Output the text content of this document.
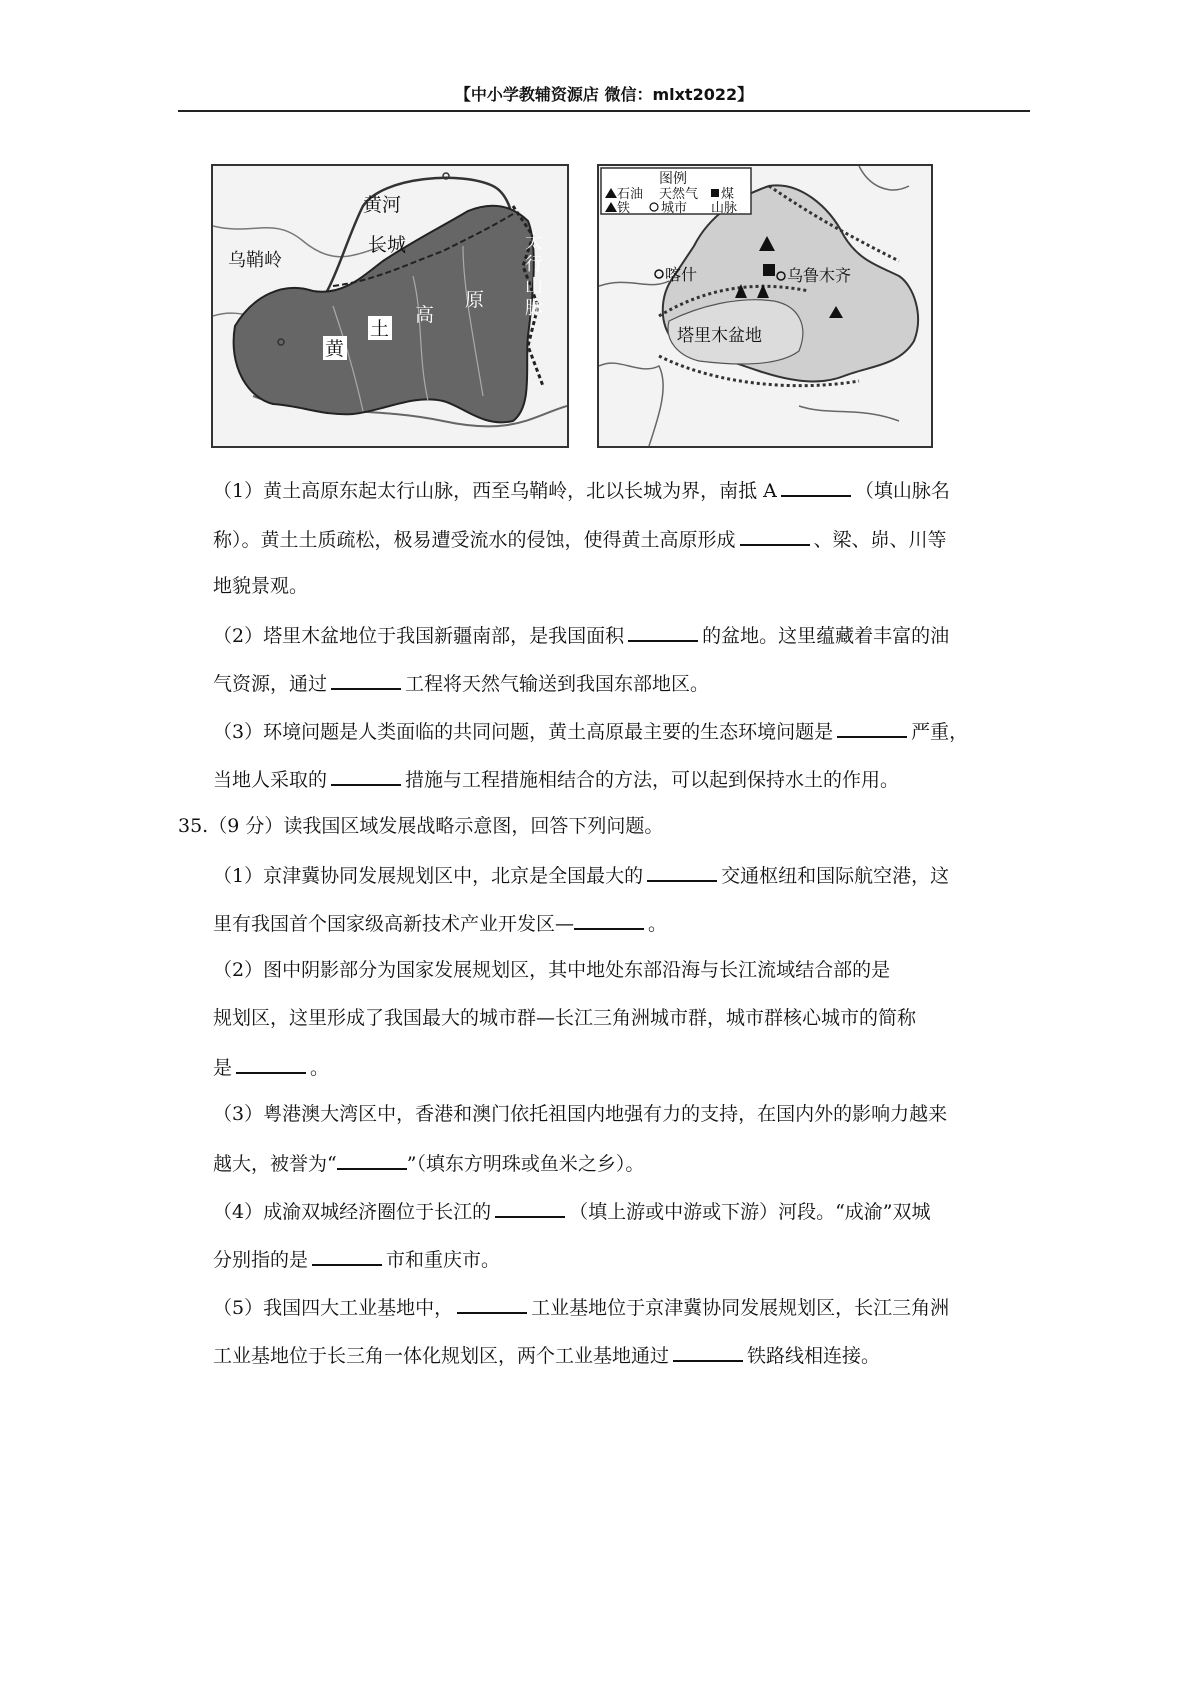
【中小学教辅资源店 微信：mlxt2022】
黄河
长城
乌鞘岭
太
行
山
脉
黄
土
高
原
图例
石油 天然气 煤
铁 城市 山脉
乌鲁木齐
喀什
塔里木盆地
（1）黄土高原东起太行山脉，西至乌鞘岭，北以长城为界，南抵 A	（填山脉名
称）。黄土土质疏松，极易遭受流水的侵蚀，使得黄土高原形成	、梁、峁、川等
地貌景观。
（2）塔里木盆地位于我国新疆南部，是我国面积	的盆地。这里蕴藏着丰富的油
气资源，通过	工程将天然气输送到我国东部地区。
（3）环境问题是人类面临的共同问题，黄土高原最主要的生态环境问题是	严重，
当地人采取的	措施与工程措施相结合的方法，可以起到保持水土的作用。
35.（9 分）读我国区域发展战略示意图，回答下列问题。
（1）京津冀协同发展规划区中，北京是全国最大的	交通枢纽和国际航空港，这
里有我国首个国家级高新技术产业开发区—	。
（2）图中阴影部分为国家发展规划区，其中地处东部沿海与长江流域结合部的是
规划区，这里形成了我国最大的城市群—长江三角洲城市群，城市群核心城市的简称
是	。
（3）粤港澳大湾区中，香港和澳门依托祖国内地强有力的支持，在国内外的影响力越来
越大，被誉为“	”（填东方明珠或鱼米之乡）。
（4）成渝双城经济圈位于长江的	（填上游或中游或下游）河段。“成渝”双城
分别指的是	市和重庆市。
（5）我国四大工业基地中，	工业基地位于京津冀协同发展规划区，长江三角洲
工业基地位于长三角一体化规划区，两个工业基地通过	铁路线相连接。
